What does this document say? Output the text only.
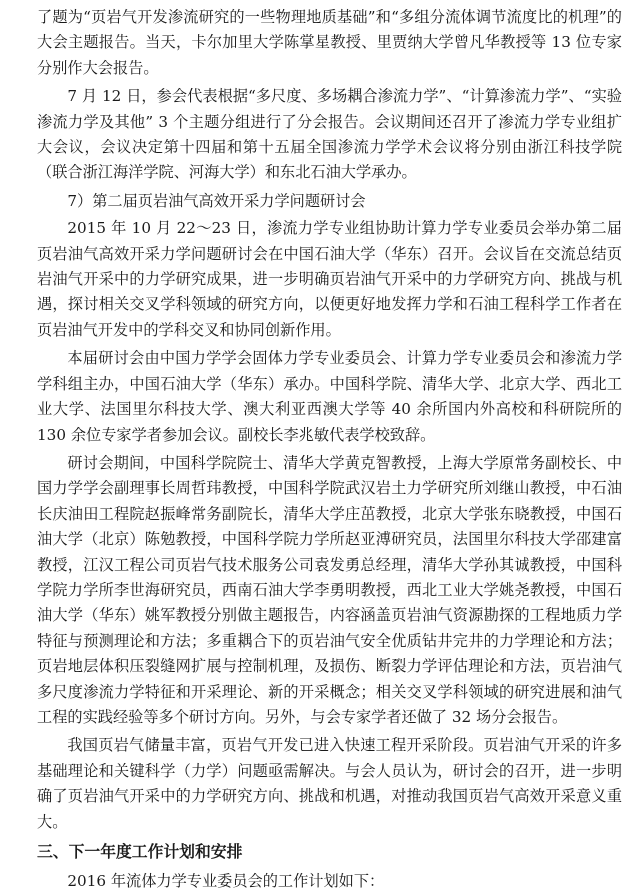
了题为“页岩气开发渗流研究的一些物理地质基础”和“多组分流体调节流度比的机理”的大会主题报告。当天，卡尔加里大学陈掌星教授、里贾纳大学曾凡华教授等 13 位专家分别作大会报告。

7 月 12 日，参会代表根据“多尺度、多场耦合渗流力学”、“计算渗流力学”、“实验渗流力学及其他” 3 个主题分组进行了分会报告。会议期间还召开了渗流力学专业组扩大会议，会议决定第十四届和第十五届全国渗流力学学术会议将分别由浙江科技学院（联合浙江海洋学院、河海大学）和东北石油大学承办。

7）第二届页岩油气高效开采力学问题研讨会

2015 年 10 月 22～23 日，渗流力学专业组协助计算力学专业委员会举办第二届页岩油气高效开采力学问题研讨会在中国石油大学（华东）召开。会议旨在交流总结页岩油气开采中的力学研究成果，进一步明确页岩油气开采中的力学研究方向、挑战与机遇，探讨相关交叉学科领域的研究方向，以便更好地发挥力学和石油工程科学工作者在页岩油气开发中的学科交叉和协同创新作用。

本届研讨会由中国力学学会固体力学专业委员会、计算力学专业委员会和渗流力学学科组主办，中国石油大学（华东）承办。中国科学院、清华大学、北京大学、西北工业大学、法国里尔科技大学、澳大利亚西澳大学等 40 余所国内外高校和科研院所的 130 余位专家学者参加会议。副校长李兆敏代表学校致辞。

研讨会期间，中国科学院院士、清华大学黄克智教授，上海大学原常务副校长、中国力学学会副理事长周哲玮教授，中国科学院武汉岩土力学研究所刘继山教授，中石油长庆油田工程院赵振峰常务副院长，清华大学庄茁教授，北京大学张东晓教授，中国石油大学（北京）陈勉教授，中国科学院力学所赵亚溥研究员，法国里尔科技大学邵建富教授，江汉工程公司页岩气技术服务公司袁发勇总经理，清华大学孙其诚教授，中国科学院力学所李世海研究员，西南石油大学李勇明教授，西北工业大学姚尧教授，中国石油大学（华东）姚军教授分别做主题报告，内容涵盖页岩油气资源勘探的工程地质力学特征与预测理论和方法；多重耦合下的页岩油气安全优质钻井完井的力学理论和方法；页岩地层体积压裂缝网扩展与控制机理，及损伤、断裂力学评估理论和方法，页岩油气多尺度渗流力学特征和开采理论、新的开采概念；相关交叉学科领域的研究进展和油气工程的实践经验等多个研讨方向。另外，与会专家学者还做了 32 场分会报告。

我国页岩气储量丰富，页岩气开发已进入快速工程开采阶段。页岩油气开采的许多基础理论和关键科学（力学）问题亟需解决。与会人员认为，研讨会的召开，进一步明确了页岩油气开采中的力学研究方向、挑战和机遇，对推动我国页岩气高效开采意义重大。

三、下一年度工作计划和安排

2016 年流体力学专业委员会的工作计划如下：
